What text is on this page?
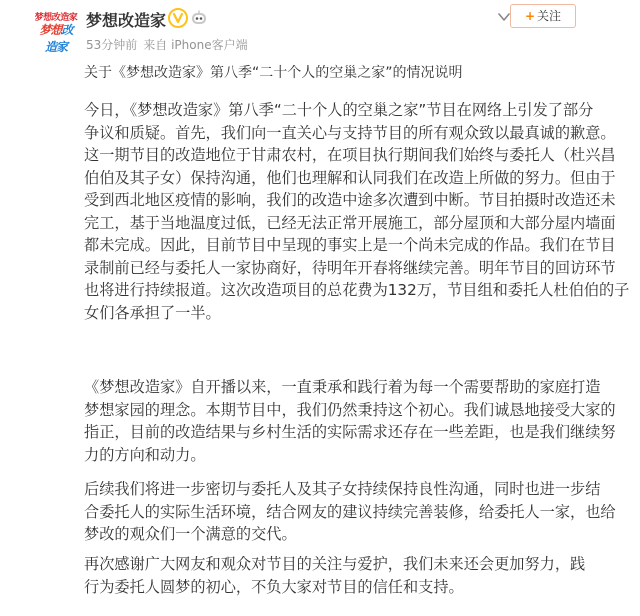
梦想改造家
梦想改造家
梦想改造家
53分钟前 来自 iPhone客户端
+ 关注
关于《梦想改造家》第八季“二十个人的空巢之家”的情况说明
今日，《梦想改造家》第八季“二十个人的空巢之家”节目在网络上引发了部分
争议和质疑。首先，我们向一直关心与支持节目的所有观众致以最真诚的歉意。
这一期节目的改造地位于甘肃农村，在项目执行期间我们始终与委托人（杜兴昌
伯伯及其子女）保持沟通，他们也理解和认同我们在改造上所做的努力。但由于
受到西北地区疫情的影响，我们的改造中途多次遭到中断。节目拍摄时改造还未
完工，基于当地温度过低，已经无法正常开展施工，部分屋顶和大部分屋内墙面
都未完成。因此，目前节目中呈现的事实上是一个尚未完成的作品。我们在节目
录制前已经与委托人一家协商好，待明年开春将继续完善。明年节目的回访环节
也将进行持续报道。这次改造项目的总花费为132万，节目组和委托人杜伯伯的子
女们各承担了一半。
《梦想改造家》自开播以来，一直秉承和践行着为每一个需要帮助的家庭打造
梦想家园的理念。本期节目中，我们仍然秉持这个初心。我们诚恳地接受大家的
指正，目前的改造结果与乡村生活的实际需求还存在一些差距，也是我们继续努
力的方向和动力。
后续我们将进一步密切与委托人及其子女持续保持良性沟通，同时也进一步结
合委托人的实际生活环境，结合网友的建议持续完善装修，给委托人一家，也给
梦改的观众们一个满意的交代。
再次感谢广大网友和观众对节目的关注与爱护，我们未来还会更加努力，践
行为委托人圆梦的初心，不负大家对节目的信任和支持。
